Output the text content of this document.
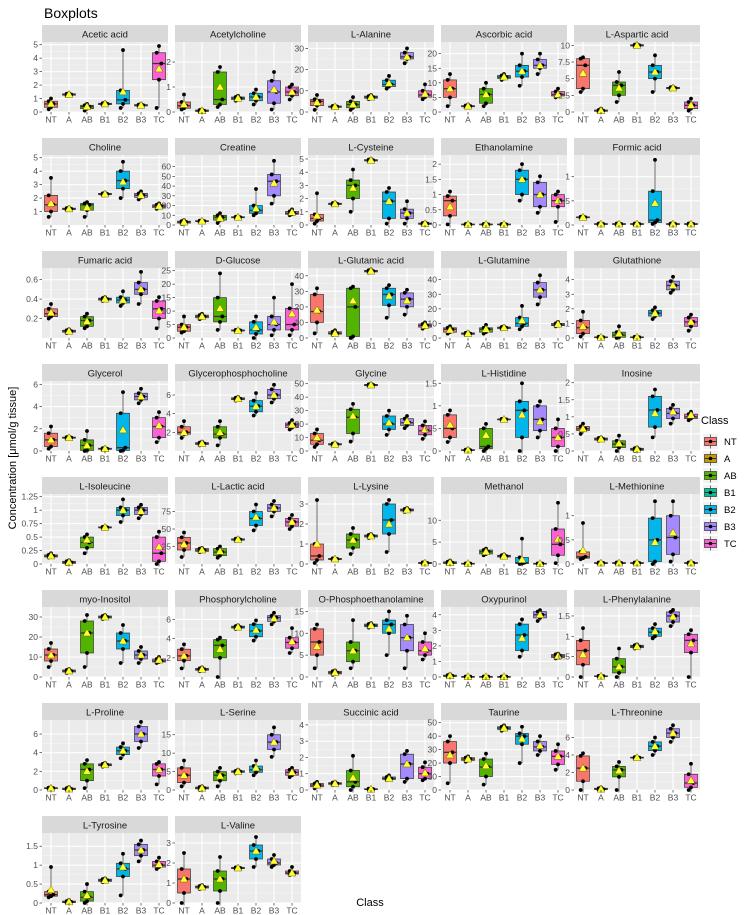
Boxplots
Acetic acid
0
1
2
3
4
5
NT A AB B1 B2 B3 TC
Acetylcholine
0
1
2
NT A AB B1 B2 B3 TC
L-Alanine
0
10
20
30
NT A AB B1 B2 B3 TC
Ascorbic acid
0
5
10
15
20
NT A AB B1 B2 B3 TC
L-Aspartic acid
0
2.5
5
7.5
10
NT A AB B1 B2 B3 TC
Choline
1
2
3
4
5
NT A AB B1 B2 B3 TC
Creatine
0
10
20
30
40
50
60
NT A AB B1 B2 B3 TC
L-Cysteine
0
1
2
3
4
5
NT A AB B1 B2 B3 TC
Ethanolamine
0
0.5
1
1.5
2
NT A AB B1 B2 B3 TC
Formic acid
0
0.5
1
NT A AB B1 B2 B3 TC
Fumaric acid
0.2
0.4
0.6
NT A AB B1 B2 B3 TC
D-Glucose
0
5
10
15
20
25
NT A AB B1 B2 B3 TC
L-Glutamic acid
0
10
20
30
40
NT A AB B1 B2 B3 TC
L-Glutamine
0
10
20
30
40
NT A AB B1 B2 B3 TC
Glutathione
0
1
2
3
4
NT A AB B1 B2 B3 TC
Glycerol
0
2
4
6
NT A AB B1 B2 B3 TC
Glycerophosphocholine
2
4
6
NT A AB B1 B2 B3 TC
Glycine
0
10
20
30
40
50
NT A AB B1 B2 B3 TC
L-Histidine
0
0.5
1
1.5
NT A AB B1 B2 B3 TC
Inosine
0
0.5
1
1.5
2
NT A AB B1 B2 B3 TC
L-Isoleucine
0
0.25
0.5
0.75
1
1.25
NT A AB B1 B2 B3 TC
L-Lactic acid
25
50
75
NT A AB B1 B2 B3 TC
L-Lysine
0
1
2
3
NT A AB B1 B2 B3 TC
Methanol
0
5
10
NT A AB B1 B2 B3 TC
L-Methionine
0
0.5
1
NT A AB B1 B2 B3 TC
myo-Inositol
0
10
20
30
NT A AB B1 B2 B3 TC
Phosphorylcholine
2
4
6
NT A AB B1 B2 B3 TC
O-Phosphoethanolamine
0
5
10
15
NT A AB B1 B2 B3 TC
Oxypurinol
0
1
2
3
4
NT A AB B1 B2 B3 TC
L-Phenylalanine
0
0.5
1
1.5
NT A AB B1 B2 B3 TC
L-Proline
0
2
4
6
NT A AB B1 B2 B3 TC
L-Serine
0
5
10
15
NT A AB B1 B2 B3 TC
Succinic acid
0
1
2
3
4
NT A AB B1 B2 B3 TC
Taurine
0
10
20
30
40
50
NT A AB B1 B2 B3 TC
L-Threonine
0
2
4
6
NT A AB B1 B2 B3 TC
L-Tyrosine
0
0.5
1
1.5
NT A AB B1 B2 B3 TC
L-Valine
0
1
2
3
NT A AB B1 B2 B3 TC
Class
Concentration [μmol/g tissue]	Class
NT
A
AB
B1
B2
B3
TC
